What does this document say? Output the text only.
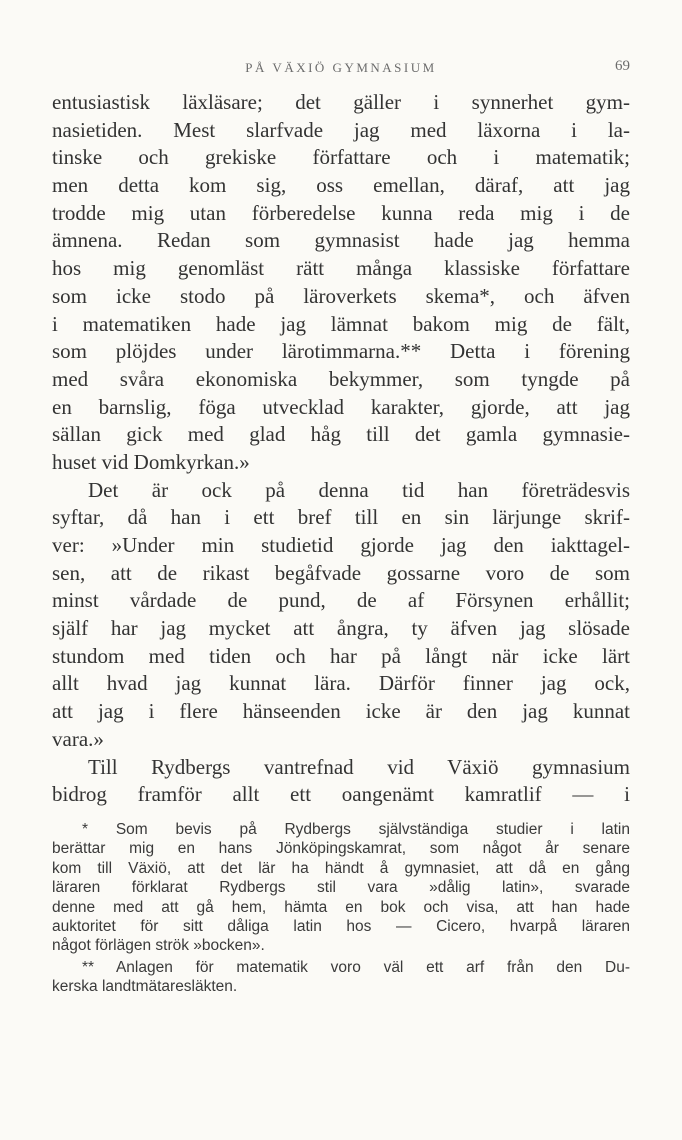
PÅ VÄXIÖ GYMNASIUM	69
entusiastisk läxläsare; det gäller i synnerhet gym-
nasietiden. Mest slarfvade jag med läxorna i la-
tinske och grekiske författare och i matematik;
men detta kom sig, oss emellan, däraf, att jag
trodde mig utan förberedelse kunna reda mig i de
ämnena. Redan som gymnasist hade jag hemma
hos mig genomläst rätt många klassiske författare
som icke stodo på läroverkets skema*, och äfven
i matematiken hade jag lämnat bakom mig de fält,
som plöjdes under lärotimmarna.** Detta i förening
med svåra ekonomiska bekymmer, som tyngde på
en barnslig, föga utvecklad karakter, gjorde, att jag
sällan gick med glad håg till det gamla gymnasie-
huset vid Domkyrkan.»
Det är ock på denna tid han företrädesvis
syftar, då han i ett bref till en sin lärjunge skrif-
ver: »Under min studietid gjorde jag den iakttagel-
sen, att de rikast begåfvade gossarne voro de som
minst vårdade de pund, de af Försynen erhållit;
själf har jag mycket att ångra, ty äfven jag slösade
stundom med tiden och har på långt när icke lärt
allt hvad jag kunnat lära. Därför finner jag ock,
att jag i flere hänseenden icke är den jag kunnat
vara.»
Till Rydbergs vantrefnad vid Växiö gymnasium
bidrog framför allt ett oangenämt kamratlif — i
* Som bevis på Rydbergs självständiga studier i latin
berättar mig en hans Jönköpingskamrat, som något år senare
kom till Växiö, att det lär ha händt å gymnasiet, att då en gång
läraren förklarat Rydbergs stil vara »dålig latin», svarade
denne med att gå hem, hämta en bok och visa, att han hade
auktoritet för sitt dåliga latin hos — Cicero, hvarpå läraren
något förlägen strök »bocken».
** Anlagen för matematik voro väl ett arf från den Du-
kerska landtmätaresläkten.
